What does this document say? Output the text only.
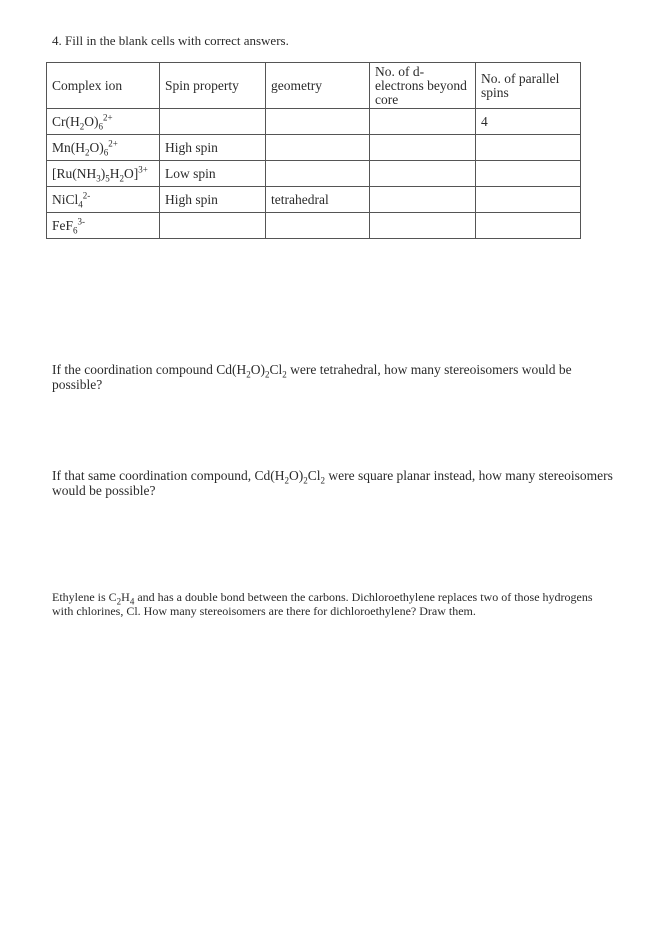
4. Fill in the blank cells with correct answers.
Complex ion	Spin property	geometry	No. of d-electrons beyond core	No. of parallel spins
$Cr(H_2O)_6^{2+}$				4
$Mn(H_2O)_6^{2+}$	High spin			
$[Ru(NH_3)_5H_2O]^{3+}$	Low spin			
NiCl$_4^{2-}$	High spin	tetrahedral		
FeF$_6^{3-}$				
If the coordination compound $Cd(H_2O)_2Cl_2$ were tetrahedral, how many stereoisomers would be possible?
If that same coordination compound, $Cd(H_2O)_2Cl_2$ were square planar instead, how many stereoisomers would be possible?
Ethylene is $C_2H_4$ and has a double bond between the carbons. Dichloroethylene replaces two of those hydrogens with chlorines, Cl. How many stereoisomers are there for dichloroethylene? Draw them.
